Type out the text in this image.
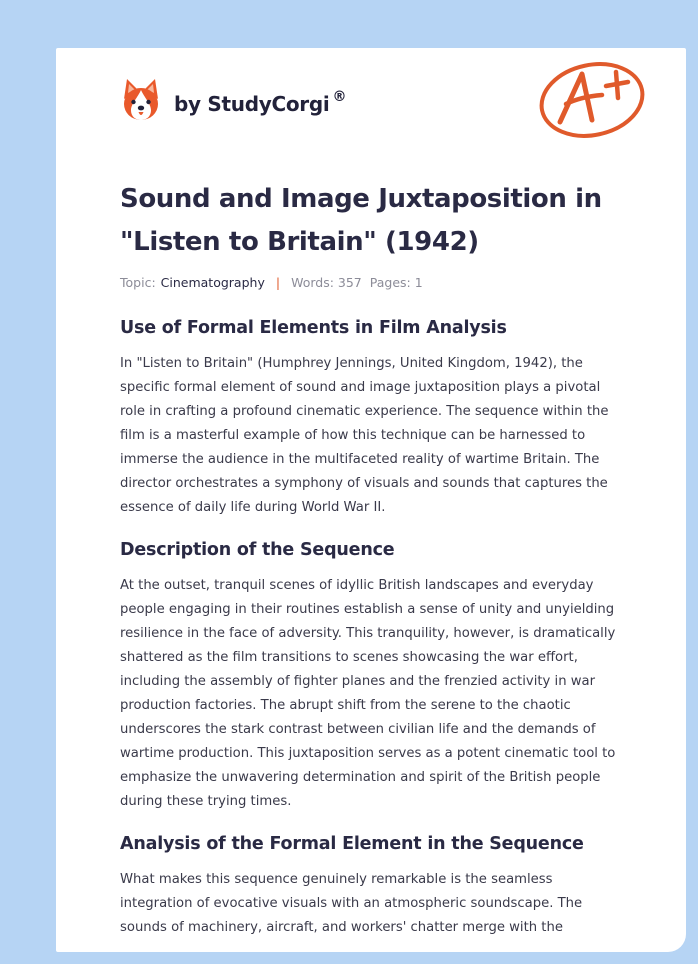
by StudyCorgi ®
Sound and Image Juxtaposition in "Listen to Britain" (1942)
Topic: Cinematography | Words: 357 Pages: 1
Use of Formal Elements in Film Analysis

In "Listen to Britain" (Humphrey Jennings, United Kingdom, 1942), the specific formal element of sound and image juxtaposition plays a pivotal role in crafting a profound cinematic experience. The sequence within the film is a masterful example of how this technique can be harnessed to immerse the audience in the multifaceted reality of wartime Britain. The director orchestrates a symphony of visuals and sounds that captures the essence of daily life during World War II.

Description of the Sequence

At the outset, tranquil scenes of idyllic British landscapes and everyday people engaging in their routines establish a sense of unity and unyielding resilience in the face of adversity. This tranquility, however, is dramatically shattered as the film transitions to scenes showcasing the war effort, including the assembly of fighter planes and the frenzied activity in war production factories. The abrupt shift from the serene to the chaotic underscores the stark contrast between civilian life and the demands of wartime production. This juxtaposition serves as a potent cinematic tool to emphasize the unwavering determination and spirit of the British people during these trying times.

Analysis of the Formal Element in the Sequence

What makes this sequence genuinely remarkable is the seamless integration of evocative visuals with an atmospheric soundscape. The sounds of machinery, aircraft, and workers' chatter merge with the
